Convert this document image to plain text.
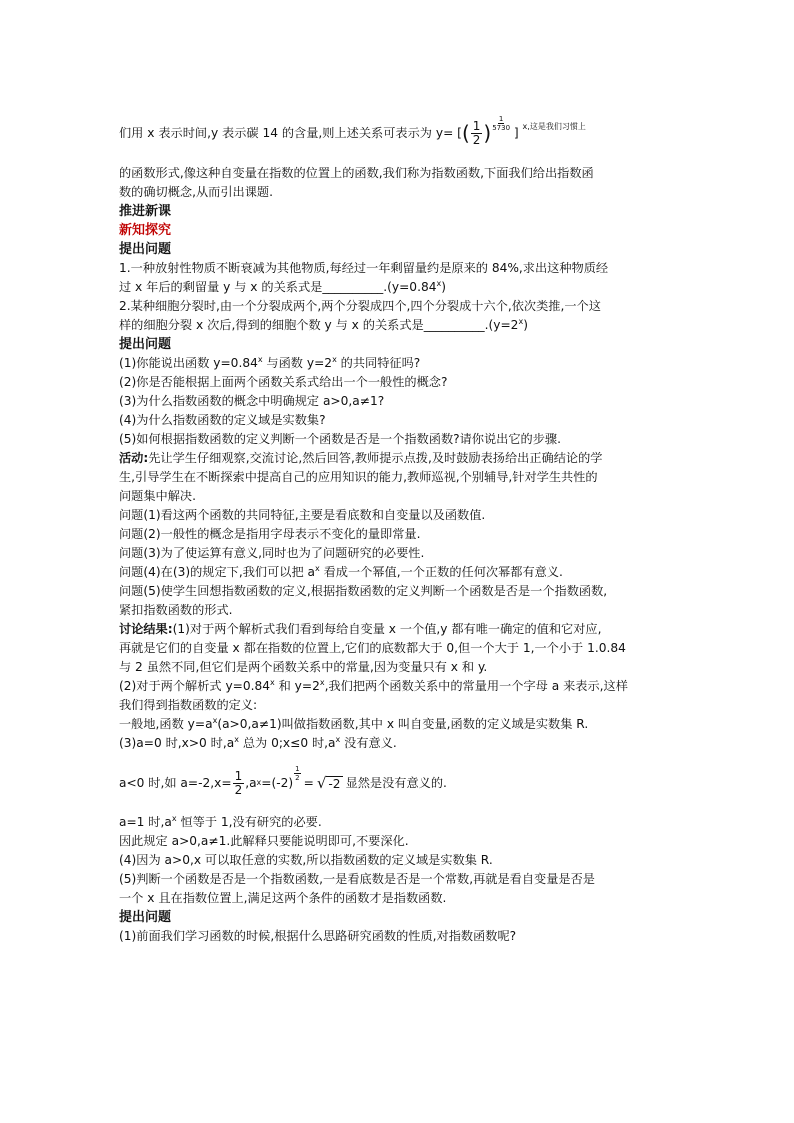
们用 x 表示时间,y 表示碳 14 的含量,则上述关系可表示为 y= [ ( $\frac{1}{2}$ ) $\frac{1}{5730}$
] x,这是我们习惯上

的函数形式,像这种自变量在指数的位置上的函数,我们称为指数函数,下面我们给出指数函

数的确切概念,从而引出课题.

推进新课

新知探究

提出问题

1.一种放射性物质不断衰减为其他物质,每经过一年剩留量约是原来的 84%,求出这种物质经

过 x 年后的剩留量 y 与 x 的关系式是$\_\_\_\_\_\_\_\_\_\_.(y=0.84^x)$

2.某种细胞分裂时,由一个分裂成两个,两个分裂成四个,四个分裂成十六个,依次类推,一个这

样的细胞分裂 x 次后,得到的细胞个数 y 与 x 的关系式是$\_\_\_\_\_\_\_\_\_\_.(y=2^x)$

提出问题

(1)你能说出函数 $y=0.84^x$ 与函数 $y=2^x$ 的共同特征吗?

(2)你是否能根据上面两个函数关系式给出一个一般性的概念?

(3)为什么指数函数的概念中明确规定 a>0,a≠1?

(4)为什么指数函数的定义域是实数集?

(5)如何根据指数函数的定义判断一个函数是否是一个指数函数?请你说出它的步骤.

活动:先让学生仔细观察,交流讨论,然后回答,教师提示点拨,及时鼓励表扬给出正确结论的学

生,引导学生在不断探索中提高自己的应用知识的能力,教师巡视,个别辅导,针对学生共性的

问题集中解决.

问题(1)看这两个函数的共同特征,主要是看底数和自变量以及函数值.

问题(2)一般性的概念是指用字母表示不变化的量即常量.

问题(3)为了使运算有意义,同时也为了问题研究的必要性.

问题(4)在(3)的规定下,我们可以把 $a^x$ 看成一个幂值,一个正数的任何次幂都有意义.

问题(5)使学生回想指数函数的定义,根据指数函数的定义判断一个函数是否是一个指数函数,

紧扣指数函数的形式.

讨论结果:(1)对于两个解析式我们看到每给自变量 x 一个值,y 都有唯一确定的值和它对应,

再就是它们的自变量 x 都在指数的位置上,它们的底数都大于 0,但一个大于 1,一个小于 1.0.84

与 2 虽然不同,但它们是两个函数关系中的常量,因为变量只有 x 和 y.

(2)对于两个解析式 $y=0.84^x$ 和 $y=2^x$,我们把两个函数关系中的常量用一个字母 a 来表示,这样

我们得到指数函数的定义:

一般地,函数 $y=a^x(a>0,a\ne 1)$叫做指数函数,其中 x 叫自变量,函数的定义域是实数集 R.

(3)a=0 时,x>0 时$,a^x$ 总为 0;x≤0 时$,a^x$ 没有意义.

a<0 时,如 $a=-2,x= \frac{1}{2} ,a$ x =(-2)
$\frac{1}{2}$
= √ -2 显然是没有意义的.

a=1 时$,a^x$ 恒等于 1,没有研究的必要.

因此规定 a>0,a≠1.此解释只要能说明即可,不要深化.

(4)因为 a>0,x 可以取任意的实数,所以指数函数的定义域是实数集 R.

(5)判断一个函数是否是一个指数函数,一是看底数是否是一个常数,再就是看自变量是否是

一个 x 且在指数位置上,满足这两个条件的函数才是指数函数.

提出问题

(1)前面我们学习函数的时候,根据什么思路研究函数的性质,对指数函数呢?
